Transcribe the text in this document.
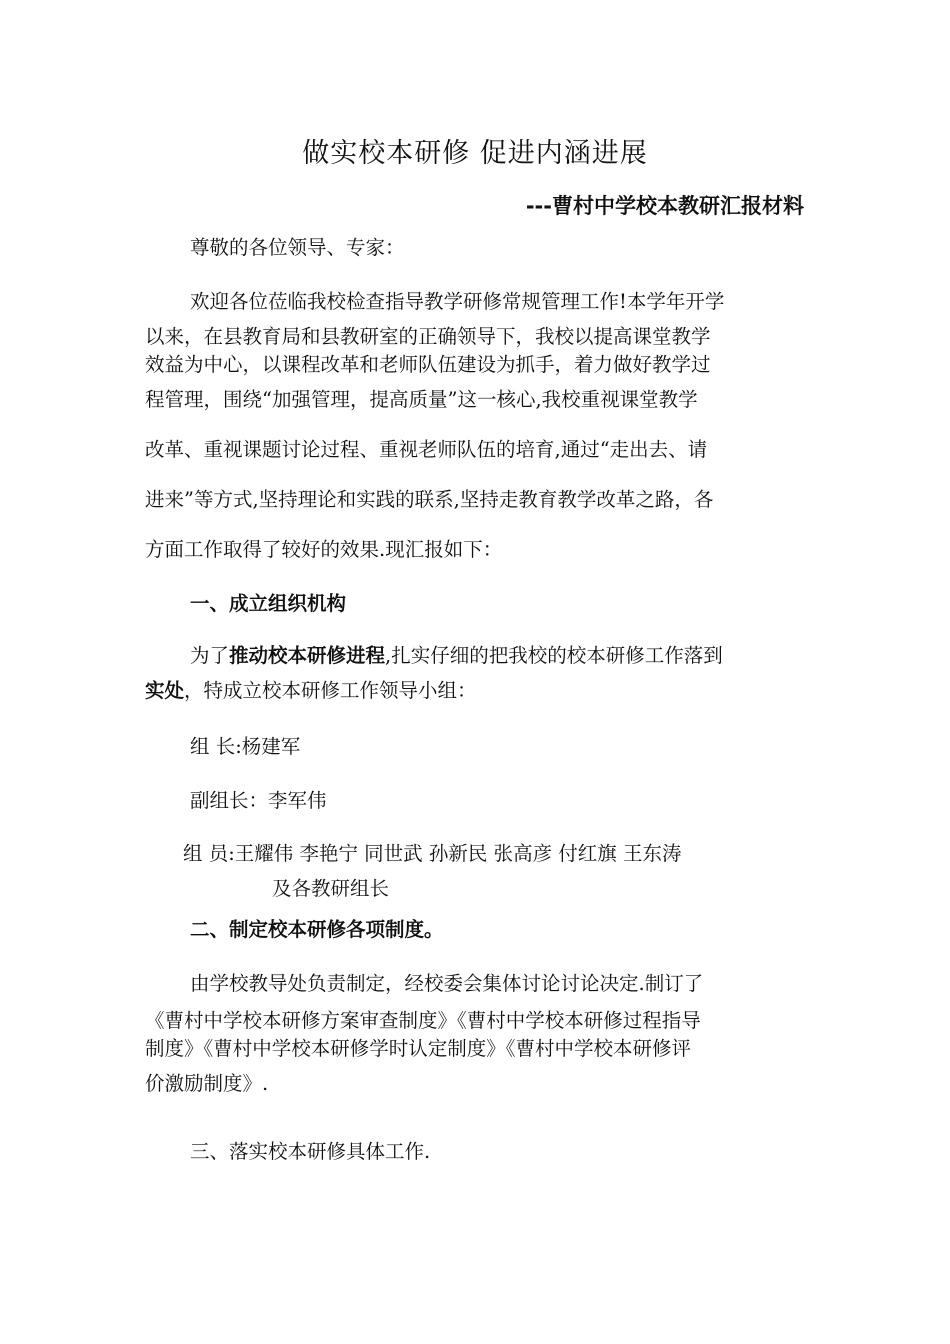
做实校本研修 促进内涵进展
---曹村中学校本教研汇报材料
尊敬的各位领导、专家：
欢迎各位莅临我校检查指导教学研修常规管理工作!本学年开学
以来，在县教育局和县教研室的正确领导下，我校以提高课堂教学
效益为中心，以课程改革和老师队伍建设为抓手，着力做好教学过
程管理，围绕“加强管理，提高质量”这一核心,我校重视课堂教学
改革、重视课题讨论过程、重视老师队伍的培育,通过“走出去、请
进来”等方式,坚持理论和实践的联系,坚持走教育教学改革之路，各
方面工作取得了较好的效果.现汇报如下：
一、成立组织机构
为了推动校本研修进程,扎实仔细的把我校的校本研修工作落到
实处，特成立校本研修工作领导小组：
组 长:杨建军
副组长：李军伟
组 员:王耀伟 李艳宁 同世武 孙新民 张高彦 付红旗 王东涛
及各教研组长
二、制定校本研修各项制度。
由学校教导处负责制定，经校委会集体讨论讨论决定.制订了
《曹村中学校本研修方案审查制度》《曹村中学校本研修过程指导
制度》《曹村中学校本研修学时认定制度》《曹村中学校本研修评
价激励制度》.
三、落实校本研修具体工作.
